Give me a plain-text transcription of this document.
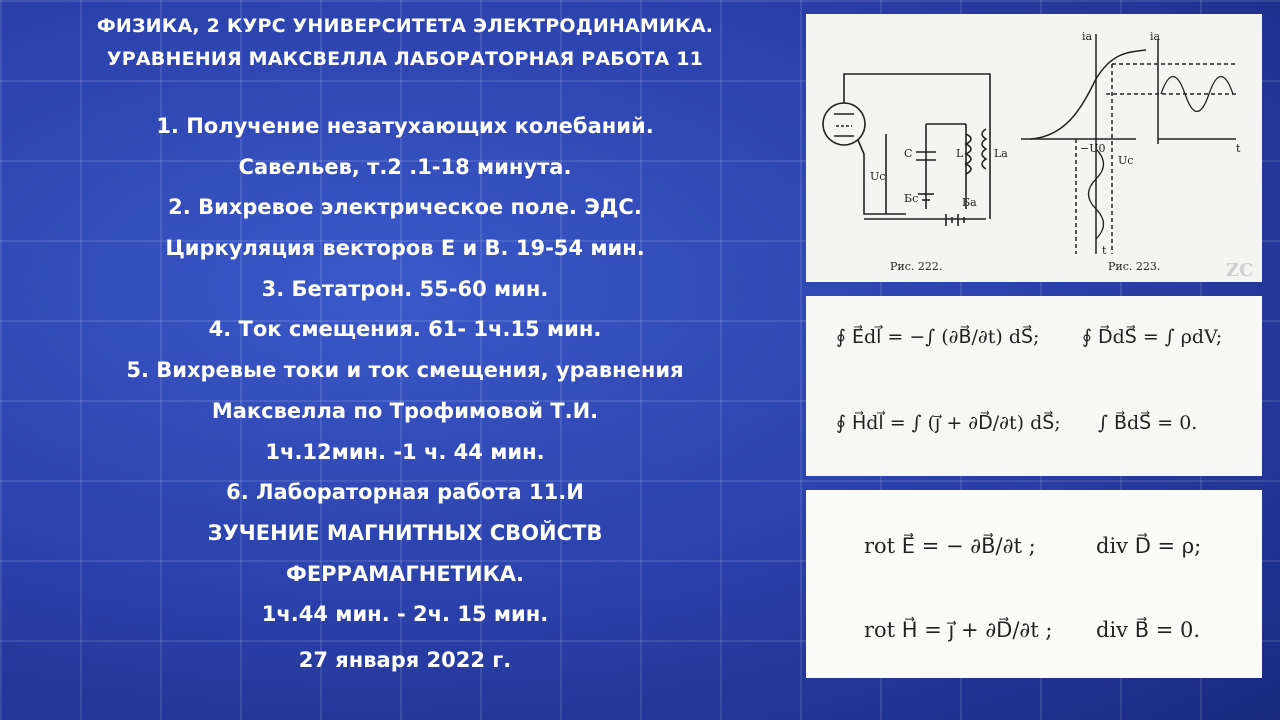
ФИЗИКА, 2 КУРС УНИВЕРСИТЕТА ЭЛЕКТРОДИНАМИКА.
УРАВНЕНИЯ МАКСВЕЛЛА ЛАБОРАТОРНАЯ РАБОТА 11
1. Получение незатухающих колебаний.
Савельев, т.2 .1-18 минута.
2. Вихревое электрическое поле. ЭДС.
Циркуляция векторов Е и В. 19-54 мин.
3. Бетатрон. 55-60 мин.
4. Ток смещения. 61- 1ч.15 мин.
5. Вихревые токи и ток смещения, уравнения
Максвелла по Трофимовой Т.И.
1ч.12мин. -1 ч. 44 мин.
6. Лабораторная работа 11.И
ЗУЧЕНИЕ МАГНИТНЫХ СВОЙСТВ
ФЕРРАМАГНЕТИКА.
1ч.44 мин. - 2ч. 15 мин.
27 января 2022 г.
C	L	La
Uc
Бc	Бa
ia	ia
t
t
−U0
Uc
Рис. 222.	Рис. 223.	ZC
∮ E⃗dl⃗ = −∫ (∂B⃗/∂t) dS⃗; ∮ D⃗dS⃗ = ∫ ρdV;
∮ H⃗dl⃗ = ∫ (j⃗ + ∂D⃗/∂t) dS⃗; ∫ B⃗dS⃗ = 0.
rot E⃗ = − ∂B⃗/∂t ;	div D⃗ = ρ;
rot H⃗ = j⃗ + ∂D⃗/∂t ; div B⃗ = 0.
